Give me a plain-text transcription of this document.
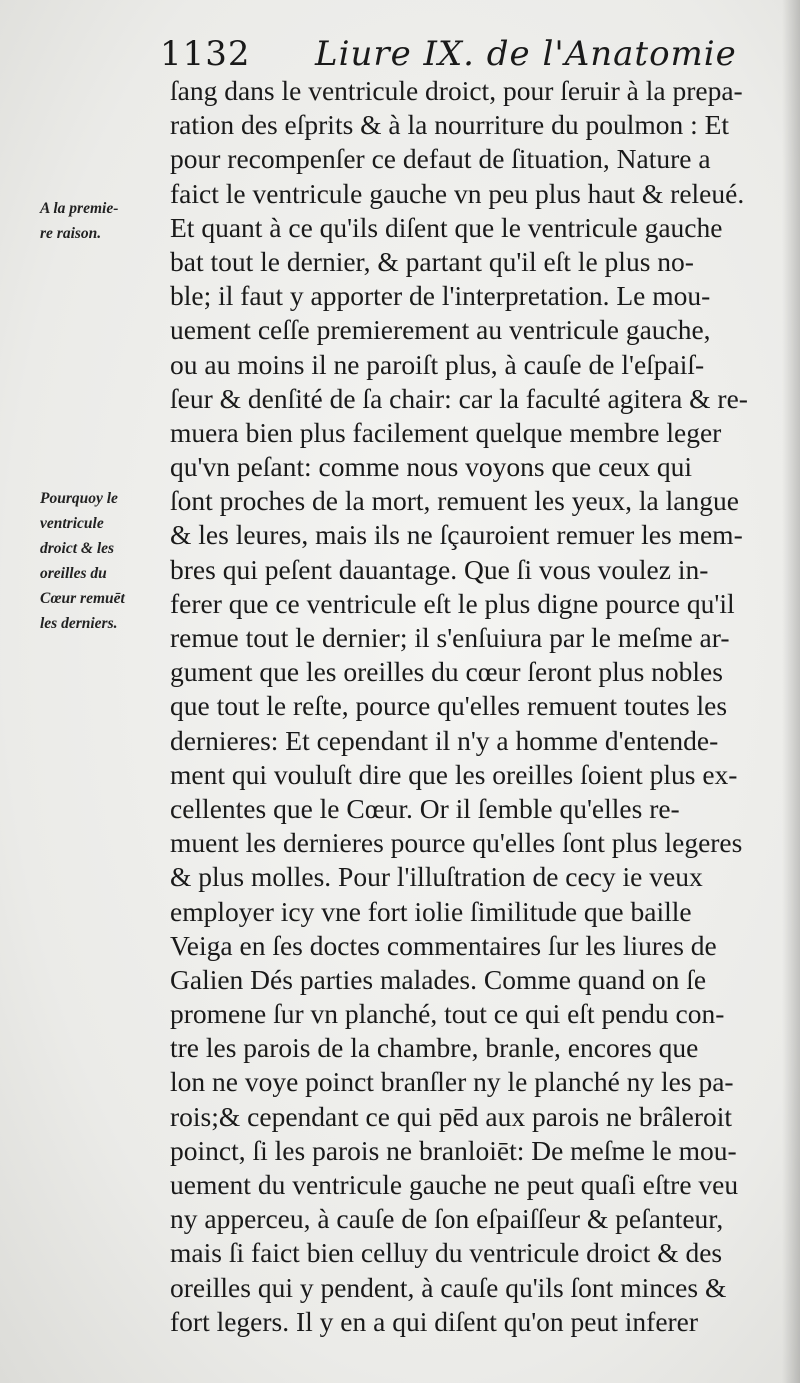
1132 Liure IX. de l'Anatomie
A la premie-
re raison.
Pourquoy le
ventricule
droict & les
oreilles du
Cœur remuēt
les derniers.
ſang dans le ventricule droict, pour ſeruir à la prepa-
ration des eſprits & à la nourriture du poulmon : Et
pour recompenſer ce defaut de ſituation, Nature a
faict le ventricule gauche vn peu plus haut & releué.
Et quant à ce qu'ils diſent que le ventricule gauche
bat tout le dernier, & partant qu'il eſt le plus no-
ble; il faut y apporter de l'interpretation. Le mou-
uement ceſſe premierement au ventricule gauche,
ou au moins il ne paroiſt plus, à cauſe de l'eſpaiſ-
ſeur & denſité de ſa chair: car la faculté agitera & re-
muera bien plus facilement quelque membre leger
qu'vn peſant: comme nous voyons que ceux qui
ſont proches de la mort, remuent les yeux, la langue
& les leures, mais ils ne ſçauroient remuer les mem-
bres qui peſent dauantage. Que ſi vous voulez in-
ferer que ce ventricule eſt le plus digne pource qu'il
remue tout le dernier; il s'enſuiura par le meſme ar-
gument que les oreilles du cœur ſeront plus nobles
que tout le reſte, pource qu'elles remuent toutes les
dernieres: Et cependant il n'y a homme d'entende-
ment qui vouluſt dire que les oreilles ſoient plus ex-
cellentes que le Cœur. Or il ſemble qu'elles re-
muent les dernieres pource qu'elles ſont plus legeres
& plus molles. Pour l'illuſtration de cecy ie veux
employer icy vne fort iolie ſimilitude que baille
Veiga en ſes doctes commentaires ſur les liures de
Galien Dés parties malades. Comme quand on ſe
promene ſur vn planché, tout ce qui eſt pendu con-
tre les parois de la chambre, branle, encores que
lon ne voye poinct branſler ny le planché ny les pa-
rois;& cependant ce qui pēd aux parois ne brâleroit
poinct, ſi les parois ne branloiēt: De meſme le mou-
uement du ventricule gauche ne peut quaſi eſtre veu
ny apperceu, à cauſe de ſon eſpaiſſeur & peſanteur,
mais ſi faict bien celluy du ventricule droict & des
oreilles qui y pendent, à cauſe qu'ils ſont minces &
fort legers. Il y en a qui diſent qu'on peut inferer
